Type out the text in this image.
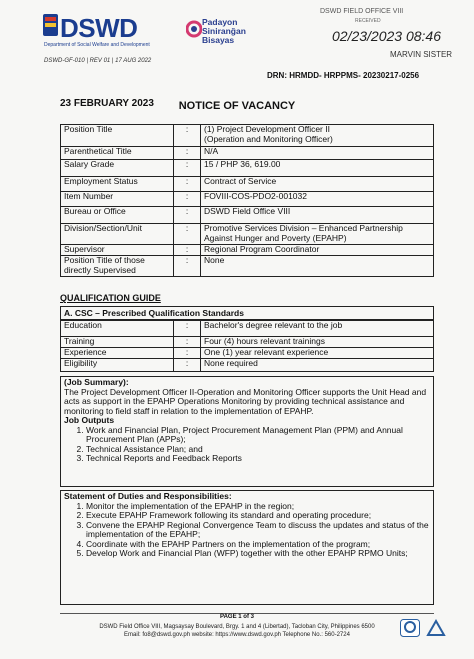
DSWD
Department of Social Welfare and Development
DSWD-GF-010 | REV 01 | 17 AUG 2022
Padayon
Siniranğan
Bisayas
DSWD FIELD OFFICE VIII
RECEIVED
02/23/2023 08:46
MARVIN SISTER
DRN: HRMDD- HRPPMS- 20230217-0256
23 FEBRUARY 2023	NOTICE OF VACANCY
Position Title	:	(1) Project Development Officer II
(Operation and Monitoring Officer)
Parenthetical Title	:	N/A
Salary Grade	:	15 / PHP 36, 619.00
Employment Status	:	Contract of Service
Item Number	:	FOVIII-COS-PDO2-001032
Bureau or Office	:	DSWD Field Office VIII
Division/Section/Unit	:	Promotive Services Division – Enhanced Partnership Against Hunger and Poverty (EPAHP)
Supervisor	:	Regional Program Coordinator
Position Title of those directly Supervised	:	None
QUALIFICATION GUIDE
A. CSC – Prescribed Qualification Standards
Education	:	Bachelor's degree relevant to the job
Training	:	Four (4) hours relevant trainings
Experience	:	One (1) year relevant experience
Eligibility	:	None required
(Job Summary):
The Project Development Officer II-Operation and Monitoring Officer supports the Unit Head and acts as support in the EPAHP Operations Monitoring by providing technical assistance and monitoring to field staff in relation to the implementation of EPAHP.
Job Outputs
1. Work and Financial Plan, Project Procurement Management Plan (PPM) and Annual Procurement Plan (APPs);
2. Technical Assistance Plan; and
3. Technical Reports and Feedback Reports
Statement of Duties and Responsibilities:
1. Monitor the implementation of the EPAHP in the region;
2. Execute EPAHP Framework following its standard and operating procedure;
3. Convene the EPAHP Regional Convergence Team to discuss the updates and status of the implementation of the EPAHP;
4. Coordinate with the EPAHP Partners on the implementation of the program;
5. Develop Work and Financial Plan (WFP) together with the other EPAHP RPMO Units;
PAGE 1 of 3
DSWD Field Office VIII, Magsaysay Boulevard, Brgy. 1 and 4 (Libertad), Tacloban City, Philippines 6500
Email: fo8@dswd.gov.ph website: https://www.dswd.gov.ph Telephone No.: 560-2724
